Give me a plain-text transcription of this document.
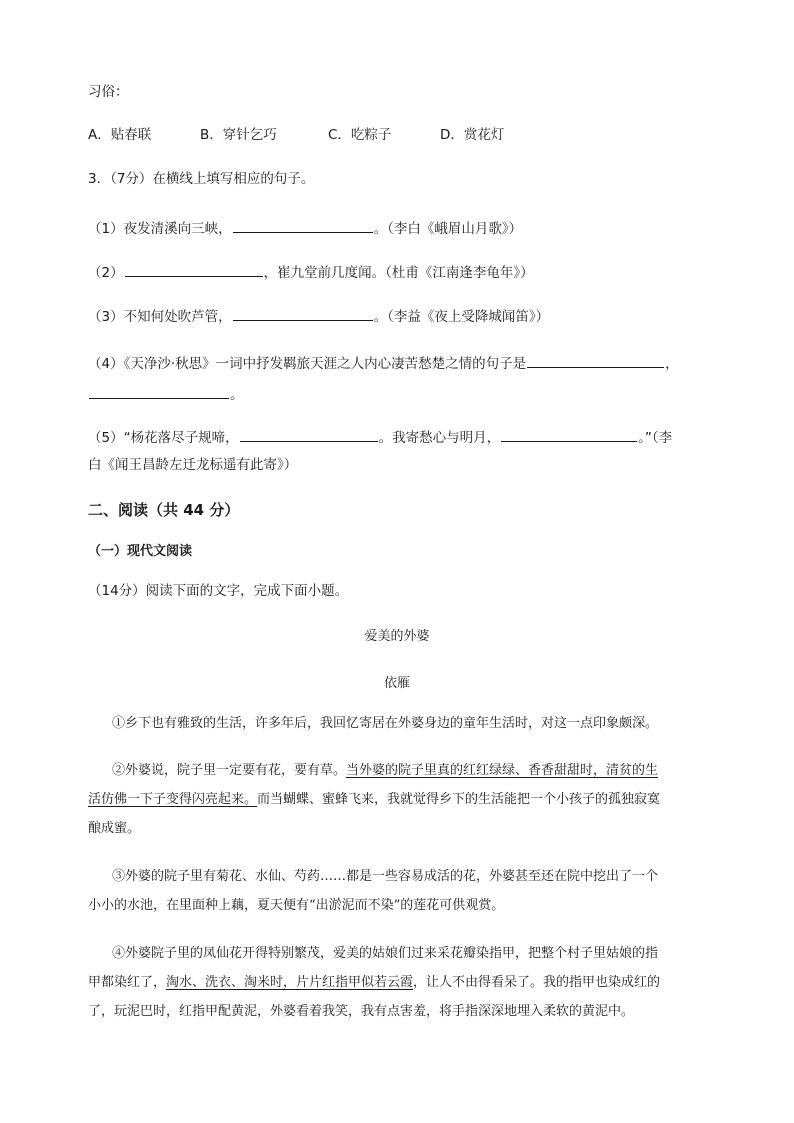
习俗：
A．贴春联	B．穿针乞巧	C．吃粽子	D．赏花灯
3．（7分）在横线上填写相应的句子。
（1）夜发清溪向三峡，	。（李白《峨眉山月歌》）
（2）	，崔九堂前几度闻。（杜甫《江南逢李龟年》）
（3）不知何处吹芦管，	。（李益《夜上受降城闻笛》）
（4）《天净沙·秋思》一词中抒发羁旅天涯之人内心凄苦愁楚之情的句子是	，
。
（5）“杨花落尽子规啼，	。我寄愁心与明月，	。”（李
白《闻王昌龄左迁龙标遥有此寄》）
二、阅读（共 44 分）
（一）现代文阅读
（14分）阅读下面的文字，完成下面小题。
爱美的外婆
依雁
①乡下也有雅致的生活，许多年后，我回忆寄居在外婆身边的童年生活时，对这一点印象颇深。
②外婆说，院子里一定要有花，要有草。当外婆的院子里真的红红绿绿、香香甜甜时，清贫的生
活仿佛一下子变得闪亮起来。而当蝴蝶、蜜蜂飞来，我就觉得乡下的生活能把一个小孩子的孤独寂寞
酿成蜜。
③外婆的院子里有菊花、水仙、芍药……都是一些容易成活的花，外婆甚至还在院中挖出了一个
小小的水池，在里面种上藕，夏天便有“出淤泥而不染”的莲花可供观赏。
④外婆院子里的凤仙花开得特别繁茂，爱美的姑娘们过来采花瓣染指甲，把整个村子里姑娘的指
甲都染红了，淘水、洗衣、淘米时，片片红指甲似若云霞，让人不由得看呆了。我的指甲也染成红的
了，玩泥巴时，红指甲配黄泥，外婆看着我笑，我有点害羞，将手指深深地埋入柔软的黄泥中。
